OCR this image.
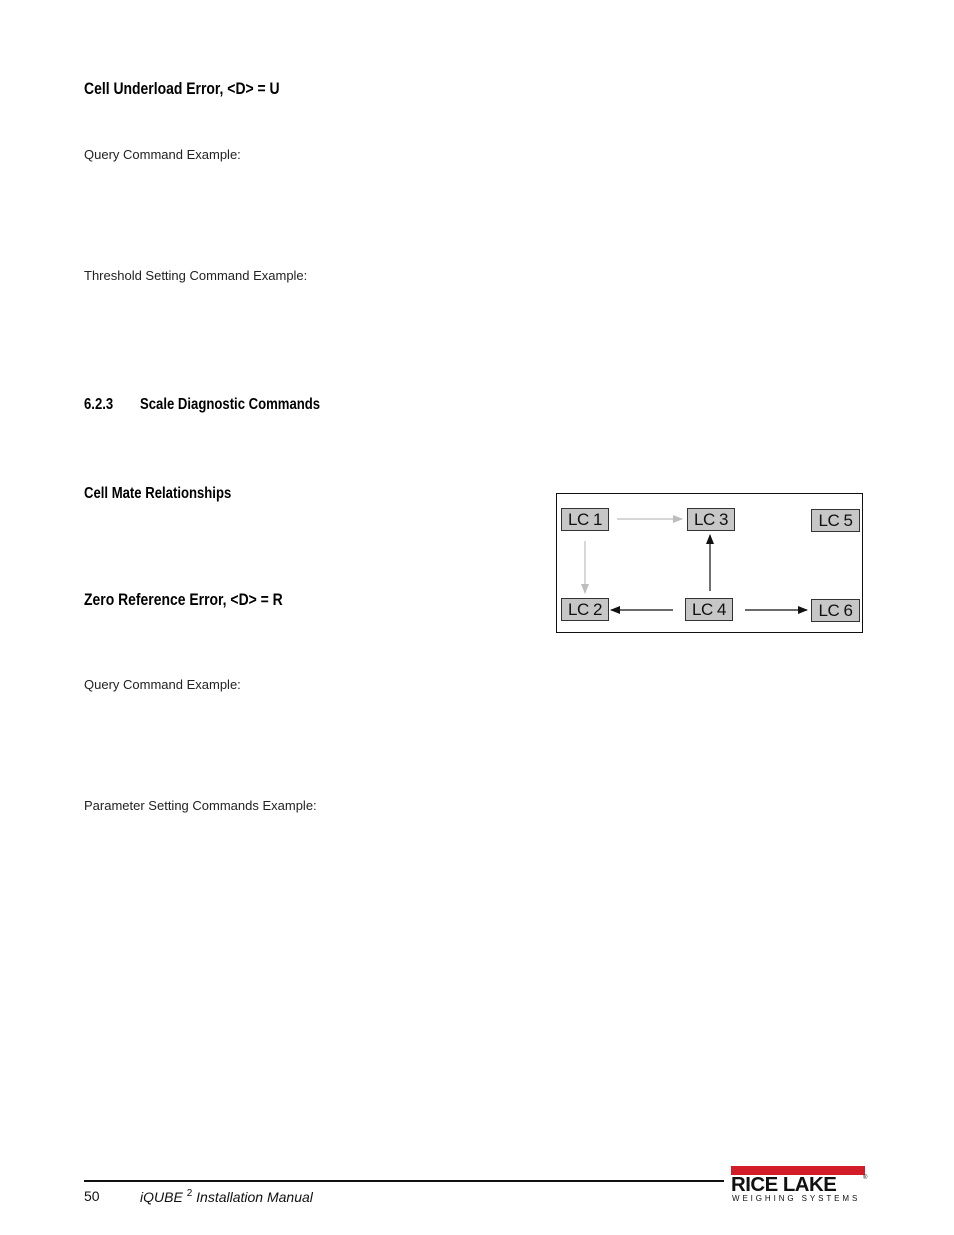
Cell Underload Error, <D> = U
Query Command Example:
Threshold Setting Command Example:
6.2.3 Scale Diagnostic Commands
Cell Mate Relationships
Zero Reference Error, <D> = R
Query Command Example:
Parameter Setting Commands Example:
LC 1
LC 2
LC 3
LC 4
LC 5
LC 6
50	iQUBE $^2$ Installation Manual
RICE LAKE	®
WEIGHING SYSTEMS
